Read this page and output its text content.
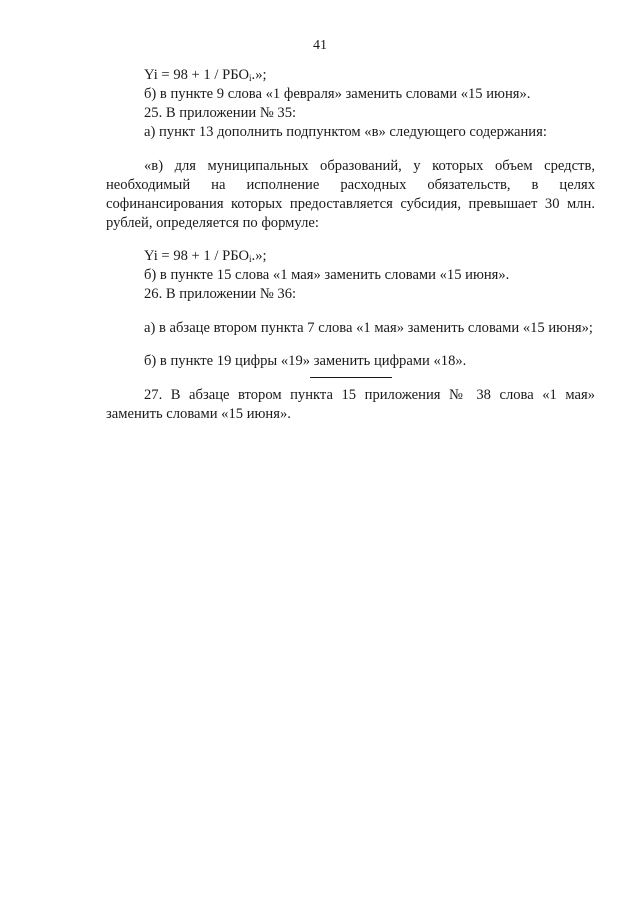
41

$Yi = 98 + 1 / РБО_i$.»;

б) в пункте 9 слова «1 февраля» заменить словами «15 июня».

25. В приложении № 35:

а) пункт 13 дополнить подпунктом «в» следующего содержания:

«в) для муниципальных образований, у которых объем средств, необходимый на исполнение расходных обязательств, в целях софинансирования которых предоставляется субсидия, превышает 30 млн. рублей, определяется по формуле:

$Yi = 98 + 1 / РБО_i$.»;

б) в пункте 15 слова «1 мая» заменить словами «15 июня».

26. В приложении № 36:

а) в абзаце втором пункта 7 слова «1 мая» заменить словами «15 июня»;

б) в пункте 19 цифры «19» заменить цифрами «18».

27. В абзаце втором пункта 15 приложения № 38 слова «1 мая» заменить словами «15 июня».
